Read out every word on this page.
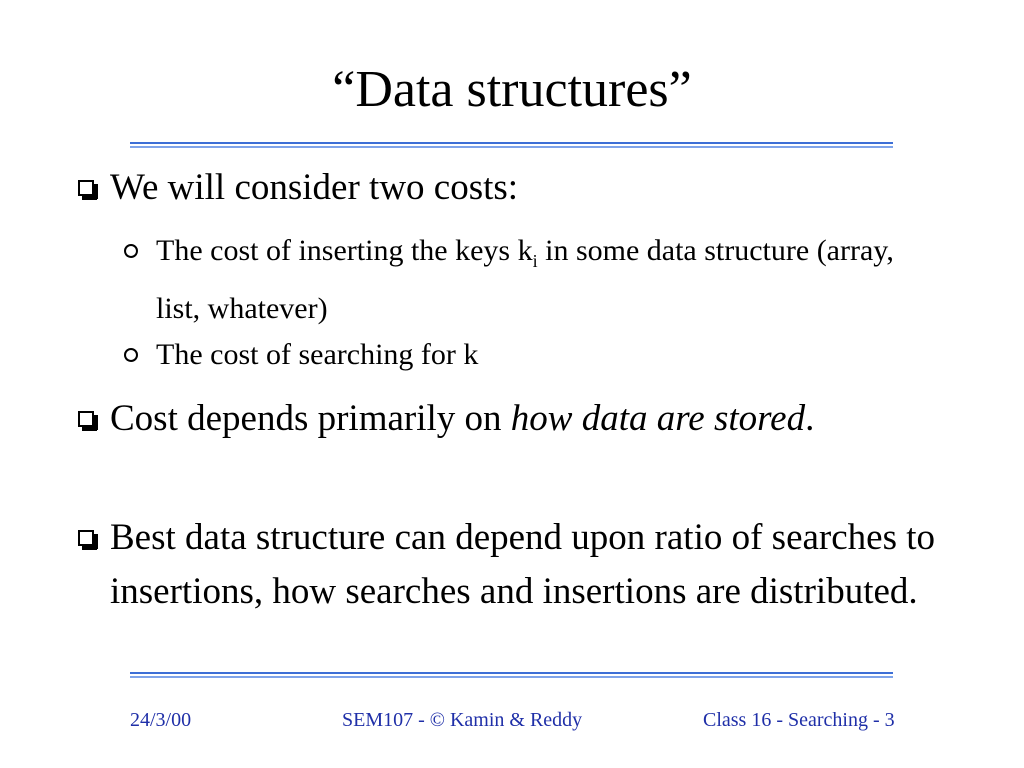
“Data structures”
We will consider two costs:
The cost of inserting the keys $k_i$ in some data structure (array, list, whatever)
The cost of searching for k
Cost depends primarily on how data are stored.
Best data structure can depend upon ratio of searches to insertions, how searches and insertions are distributed.
24/3/00	SEM107 - © Kamin & Reddy	Class 16 - Searching - 3
